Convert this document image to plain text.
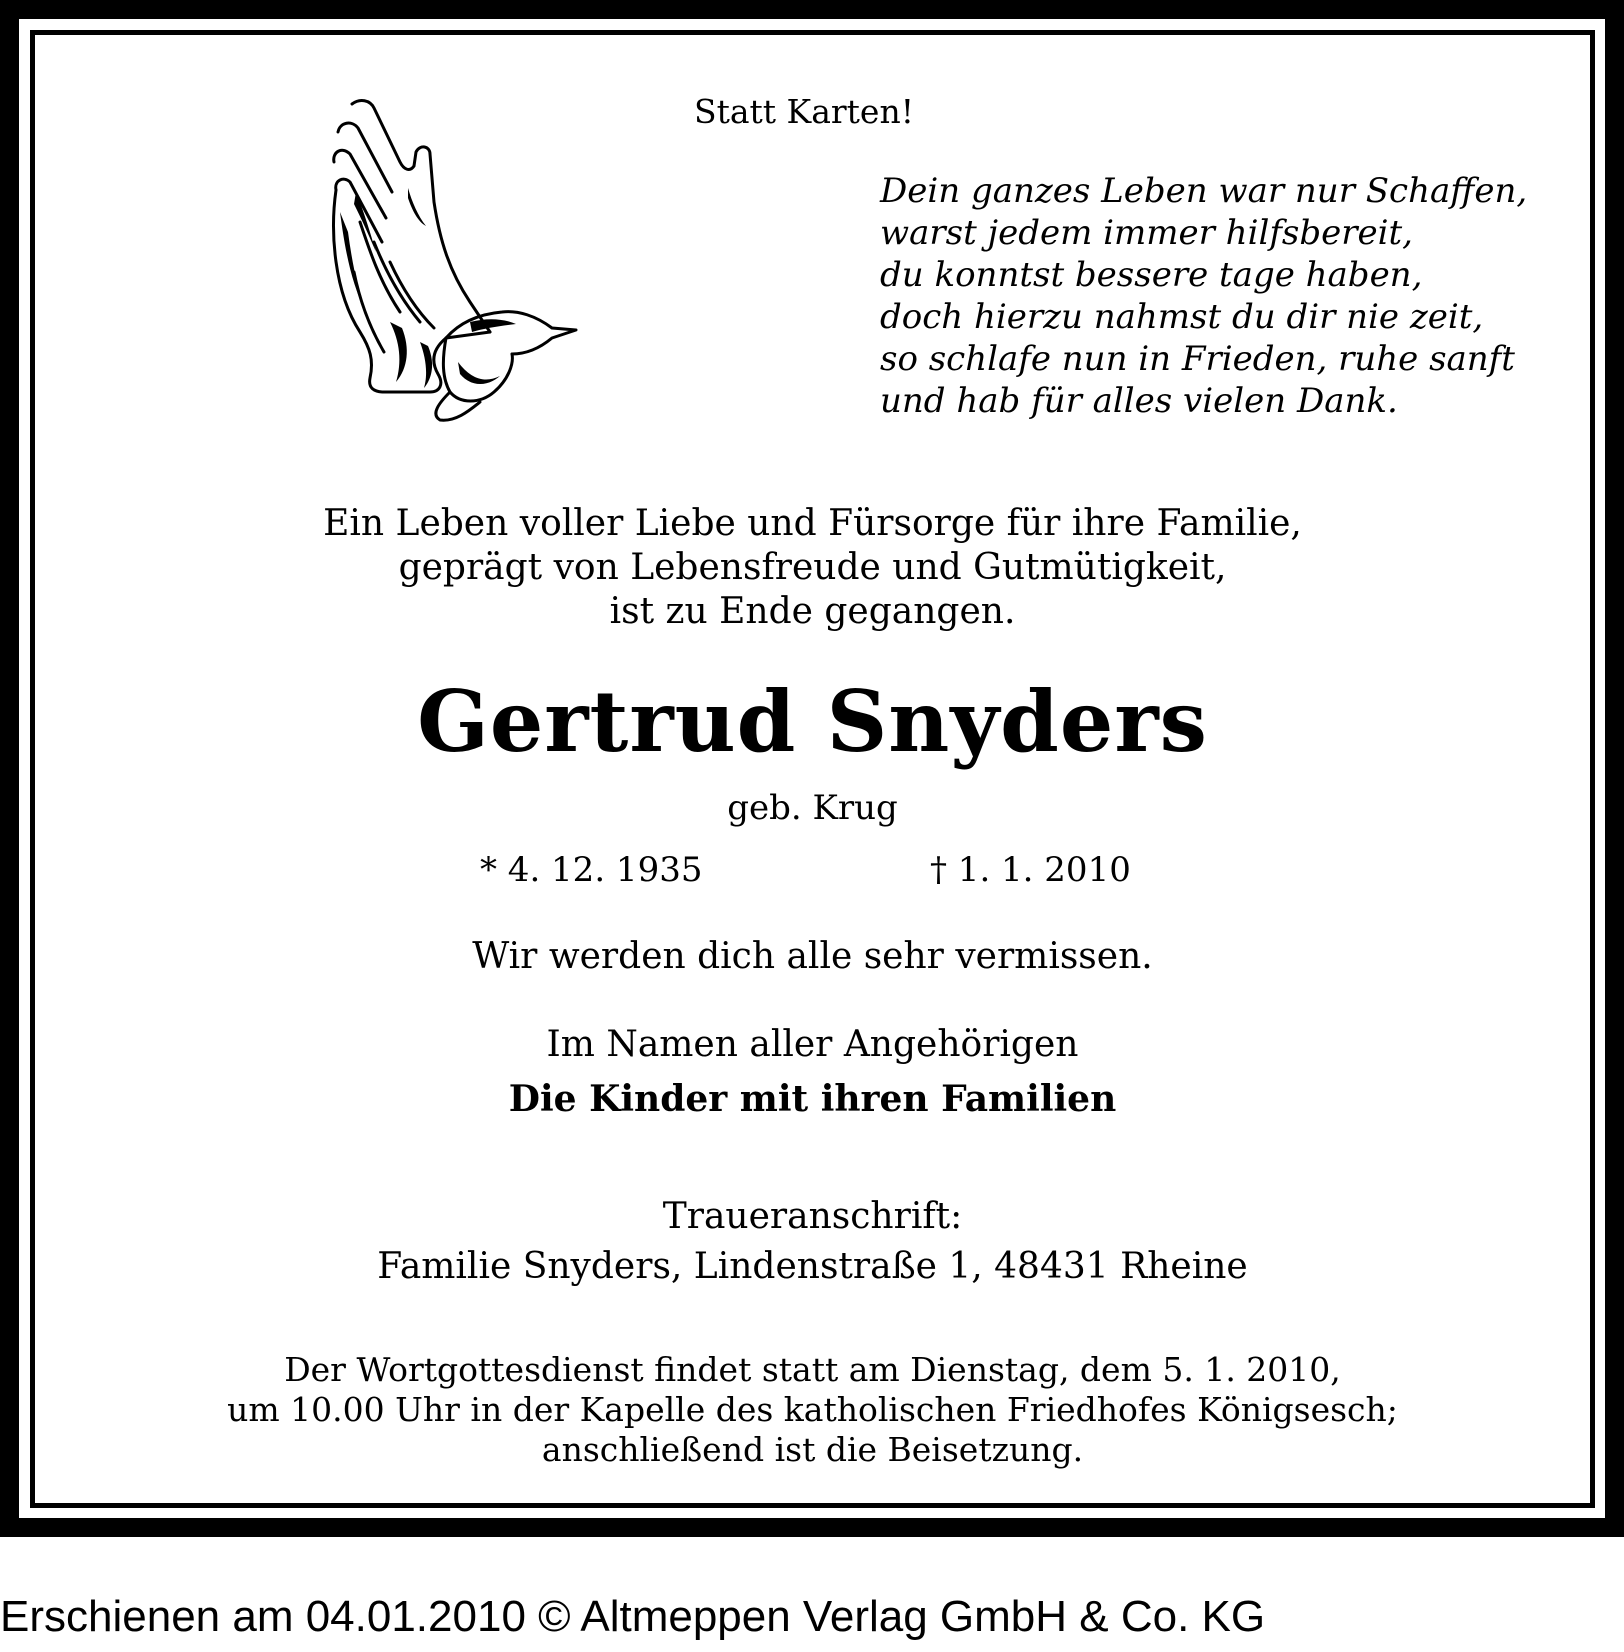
Statt Karten!
Dein ganzes Leben war nur Schaffen,
warst jedem immer hilfsbereit,
du konntst bessere tage haben,
doch hierzu nahmst du dir nie zeit,
so schlafe nun in Frieden, ruhe sanft
und hab für alles vielen Dank.
Ein Leben voller Liebe und Fürsorge für ihre Familie,
geprägt von Lebensfreude und Gutmütigkeit,
ist zu Ende gegangen.
Gertrud Snyders
geb. Krug
* 4. 12. 1935	† 1. 1. 2010
Wir werden dich alle sehr vermissen.
Im Namen aller Angehörigen
Die Kinder mit ihren Familien
Traueranschrift:
Familie Snyders, Lindenstraße 1, 48431 Rheine
Der Wortgottesdienst findet statt am Dienstag, dem 5. 1. 2010,
um 10.00 Uhr in der Kapelle des katholischen Friedhofes Königsesch;
anschließend ist die Beisetzung.
Erschienen am 04.01.2010 © Altmeppen Verlag GmbH & Co. KG
